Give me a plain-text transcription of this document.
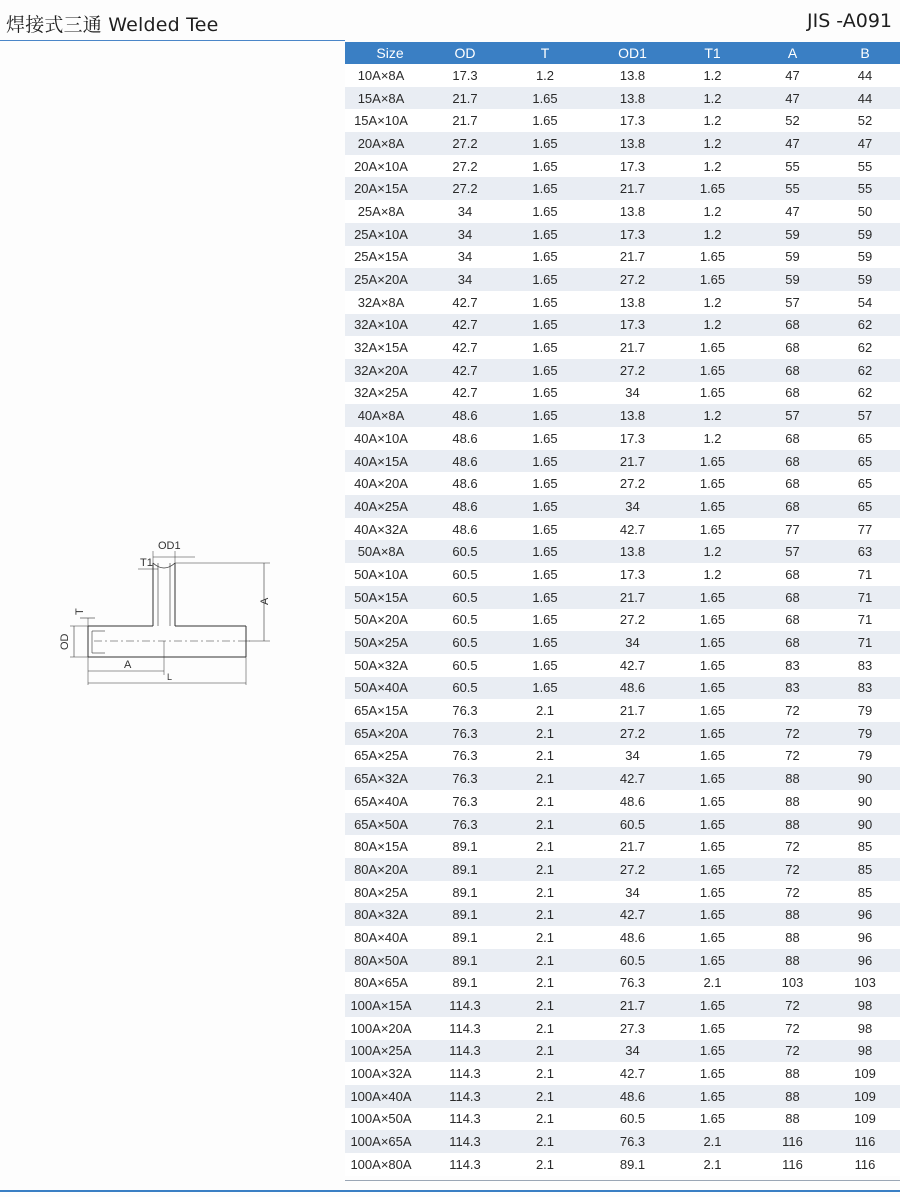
焊接式三通 Welded Tee	JIS -A091
OD1
T1
A
T
OD
A
L
Size	OD	T	OD1	T1	A	B
10A×8A	17.3	1.2	13.8	1.2	47	44
15A×8A	21.7	1.65	13.8	1.2	47	44
15A×10A	21.7	1.65	17.3	1.2	52	52
20A×8A	27.2	1.65	13.8	1.2	47	47
20A×10A	27.2	1.65	17.3	1.2	55	55
20A×15A	27.2	1.65	21.7	1.65	55	55
25A×8A	34	1.65	13.8	1.2	47	50
25A×10A	34	1.65	17.3	1.2	59	59
25A×15A	34	1.65	21.7	1.65	59	59
25A×20A	34	1.65	27.2	1.65	59	59
32A×8A	42.7	1.65	13.8	1.2	57	54
32A×10A	42.7	1.65	17.3	1.2	68	62
32A×15A	42.7	1.65	21.7	1.65	68	62
32A×20A	42.7	1.65	27.2	1.65	68	62
32A×25A	42.7	1.65	34	1.65	68	62
40A×8A	48.6	1.65	13.8	1.2	57	57
40A×10A	48.6	1.65	17.3	1.2	68	65
40A×15A	48.6	1.65	21.7	1.65	68	65
40A×20A	48.6	1.65	27.2	1.65	68	65
40A×25A	48.6	1.65	34	1.65	68	65
40A×32A	48.6	1.65	42.7	1.65	77	77
50A×8A	60.5	1.65	13.8	1.2	57	63
50A×10A	60.5	1.65	17.3	1.2	68	71
50A×15A	60.5	1.65	21.7	1.65	68	71
50A×20A	60.5	1.65	27.2	1.65	68	71
50A×25A	60.5	1.65	34	1.65	68	71
50A×32A	60.5	1.65	42.7	1.65	83	83
50A×40A	60.5	1.65	48.6	1.65	83	83
65A×15A	76.3	2.1	21.7	1.65	72	79
65A×20A	76.3	2.1	27.2	1.65	72	79
65A×25A	76.3	2.1	34	1.65	72	79
65A×32A	76.3	2.1	42.7	1.65	88	90
65A×40A	76.3	2.1	48.6	1.65	88	90
65A×50A	76.3	2.1	60.5	1.65	88	90
80A×15A	89.1	2.1	21.7	1.65	72	85
80A×20A	89.1	2.1	27.2	1.65	72	85
80A×25A	89.1	2.1	34	1.65	72	85
80A×32A	89.1	2.1	42.7	1.65	88	96
80A×40A	89.1	2.1	48.6	1.65	88	96
80A×50A	89.1	2.1	60.5	1.65	88	96
80A×65A	89.1	2.1	76.3	2.1	103	103
100A×15A	114.3	2.1	21.7	1.65	72	98
100A×20A	114.3	2.1	27.3	1.65	72	98
100A×25A	114.3	2.1	34	1.65	72	98
100A×32A	114.3	2.1	42.7	1.65	88	109
100A×40A	114.3	2.1	48.6	1.65	88	109
100A×50A	114.3	2.1	60.5	1.65	88	109
100A×65A	114.3	2.1	76.3	2.1	116	116
100A×80A	114.3	2.1	89.1	2.1	116	116
